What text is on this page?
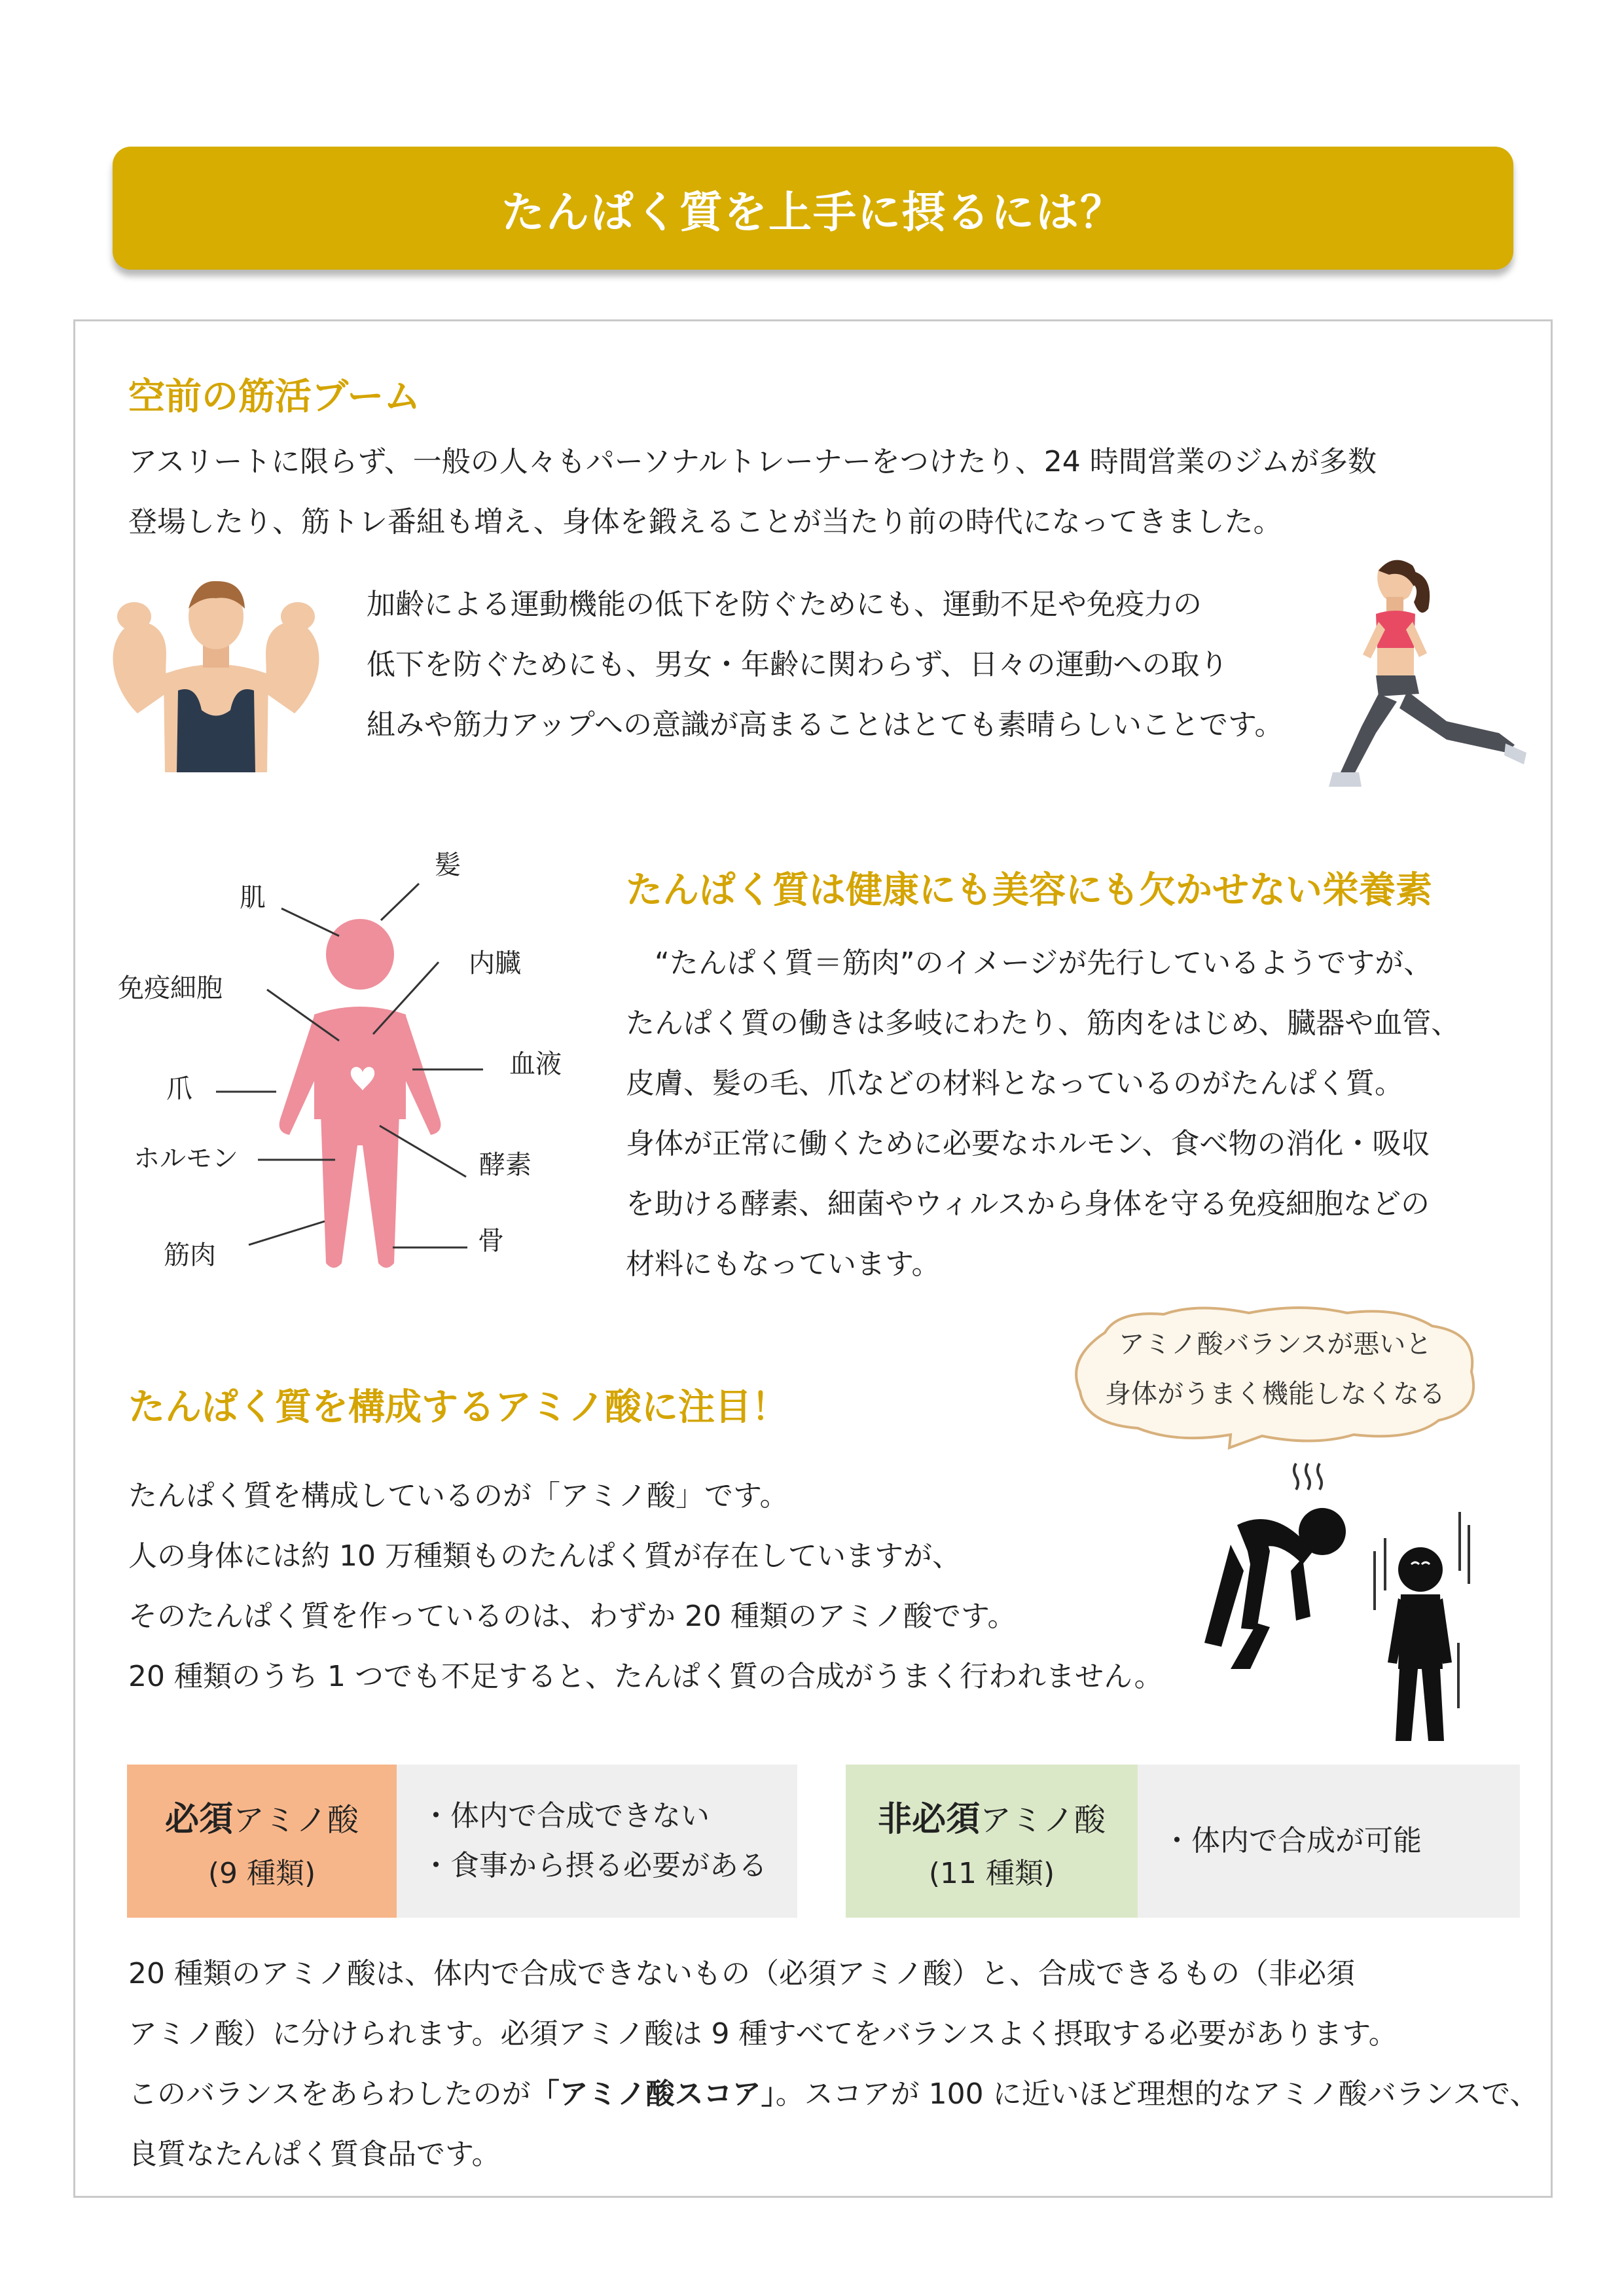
たんぱく質を上手に摂るには？
空前の筋活ブーム
アスリートに限らず、一般の人々もパーソナルトレーナーをつけたり、24 時間営業のジムが多数
登場したり、筋トレ番組も増え、身体を鍛えることが当たり前の時代になってきました。
加齢による運動機能の低下を防ぐためにも、運動不足や免疫力の
低下を防ぐためにも、男女・年齢に関わらず、日々の運動への取り
組みや筋力アップへの意識が高まることはとても素晴らしいことです。
髪
肌
内臓
免疫細胞
血液
爪
ホルモン	酵素
骨
筋肉
たんぱく質は健康にも美容にも欠かせない栄養素
　“たんぱく質＝筋肉”のイメージが先行しているようですが、
たんぱく質の働きは多岐にわたり、筋肉をはじめ、臓器や血管、
皮膚、髪の毛、爪などの材料となっているのがたんぱく質。
身体が正常に働くために必要なホルモン、食べ物の消化・吸収
を助ける酵素、細菌やウィルスから身体を守る免疫細胞などの
材料にもなっています。
アミノ酸バランスが悪いと
身体がうまく機能しなくなる
たんぱく質を構成するアミノ酸に注目！
たんぱく質を構成しているのが「アミノ酸」です。
人の身体には約 10 万種類ものたんぱく質が存在していますが、
そのたんぱく質を作っているのは、わずか 20 種類のアミノ酸です。
20 種類のうち 1 つでも不足すると、たんぱく質の合成がうまく行われません。
必須アミノ酸
(9 種類)
・体内で合成できない
・食事から摂る必要がある
非必須アミノ酸
(11 種類)
・体内で合成が可能
20 種類のアミノ酸は、体内で合成できないもの（必須アミノ酸）と、合成できるもの（非必須
アミノ酸）に分けられます。必須アミノ酸は 9 種すべてをバランスよく摂取する必要があります。
このバランスをあらわしたのが「アミノ酸スコア」。スコアが 100 に近いほど理想的なアミノ酸バランスで、
良質なたんぱく質食品です。
